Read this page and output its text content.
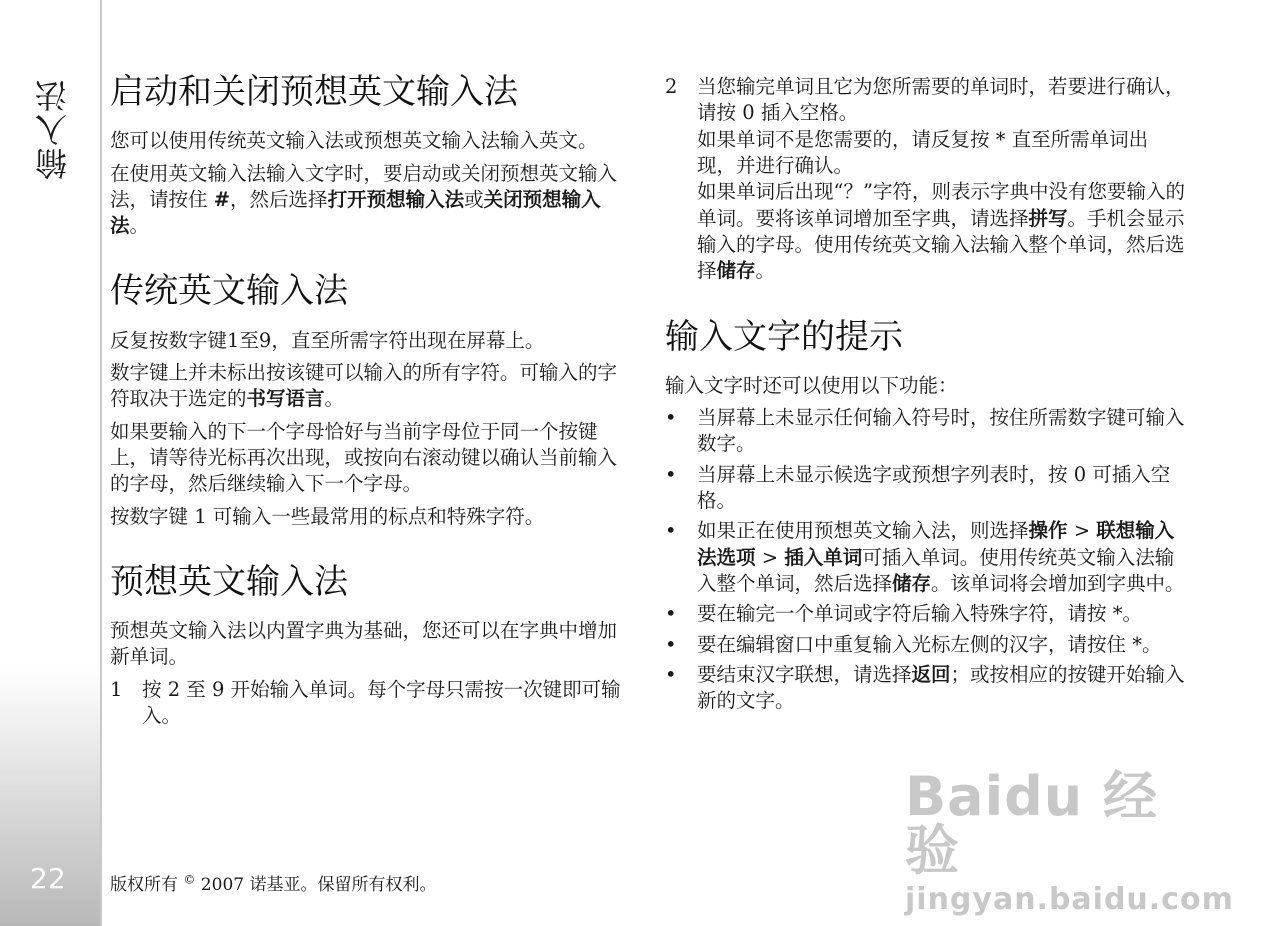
输入法
22
启动和关闭预想英文输入法

您可以使用传统英文输入法或预想英文输入法输入英文。

在使用英文输入法输入文字时，要启动或关闭预想英文输入法，请按住 #，然后选择打开预想输入法或关闭预想输入法。

传统英文输入法

反复按数字键1至9，直至所需字符出现在屏幕上。

数字键上并未标出按该键可以输入的所有字符。可输入的字符取决于选定的书写语言。

如果要输入的下一个字母恰好与当前字母位于同一个按键上，请等待光标再次出现，或按向右滚动键以确认当前输入的字母，然后继续输入下一个字母。

按数字键 1 可输入一些最常用的标点和特殊字符。

预想英文输入法

预想英文输入法以内置字典为基础，您还可以在字典中增加新单词。

1 按 2 至 9 开始输入单词。每个字母只需按一次键即可输入。

2 当您输完单词且它为您所需要的单词时，若要进行确认，请按 0 插入空格。

如果单词不是您需要的，请反复按 * 直至所需单词出现，并进行确认。

如果单词后出现“？”字符，则表示字典中没有您要输入的单词。要将该单词增加至字典，请选择拼写。手机会显示输入的字母。使用传统英文输入法输入整个单词，然后选择储存。

输入文字的提示

输入文字时还可以使用以下功能：

• 当屏幕上未显示任何输入符号时，按住所需数字键可输入数字。
• 当屏幕上未显示候选字或预想字列表时，按 0 可插入空格。
• 如果正在使用预想英文输入法，则选择操作 > 联想输入法选项 > 插入单词可插入单词。使用传统英文输入法输入整个单词，然后选择储存。该单词将会增加到字典中。
• 要在输完一个单词或字符后输入特殊字符，请按 *。
• 要在编辑窗口中重复输入光标左侧的汉字，请按住 *。
• 要结束汉字联想，请选择返回；或按相应的按键开始输入新的文字。
版权所有 © 2007 诺基亚。保留所有权利。
Baidu 经验
jingyan.baidu.com
